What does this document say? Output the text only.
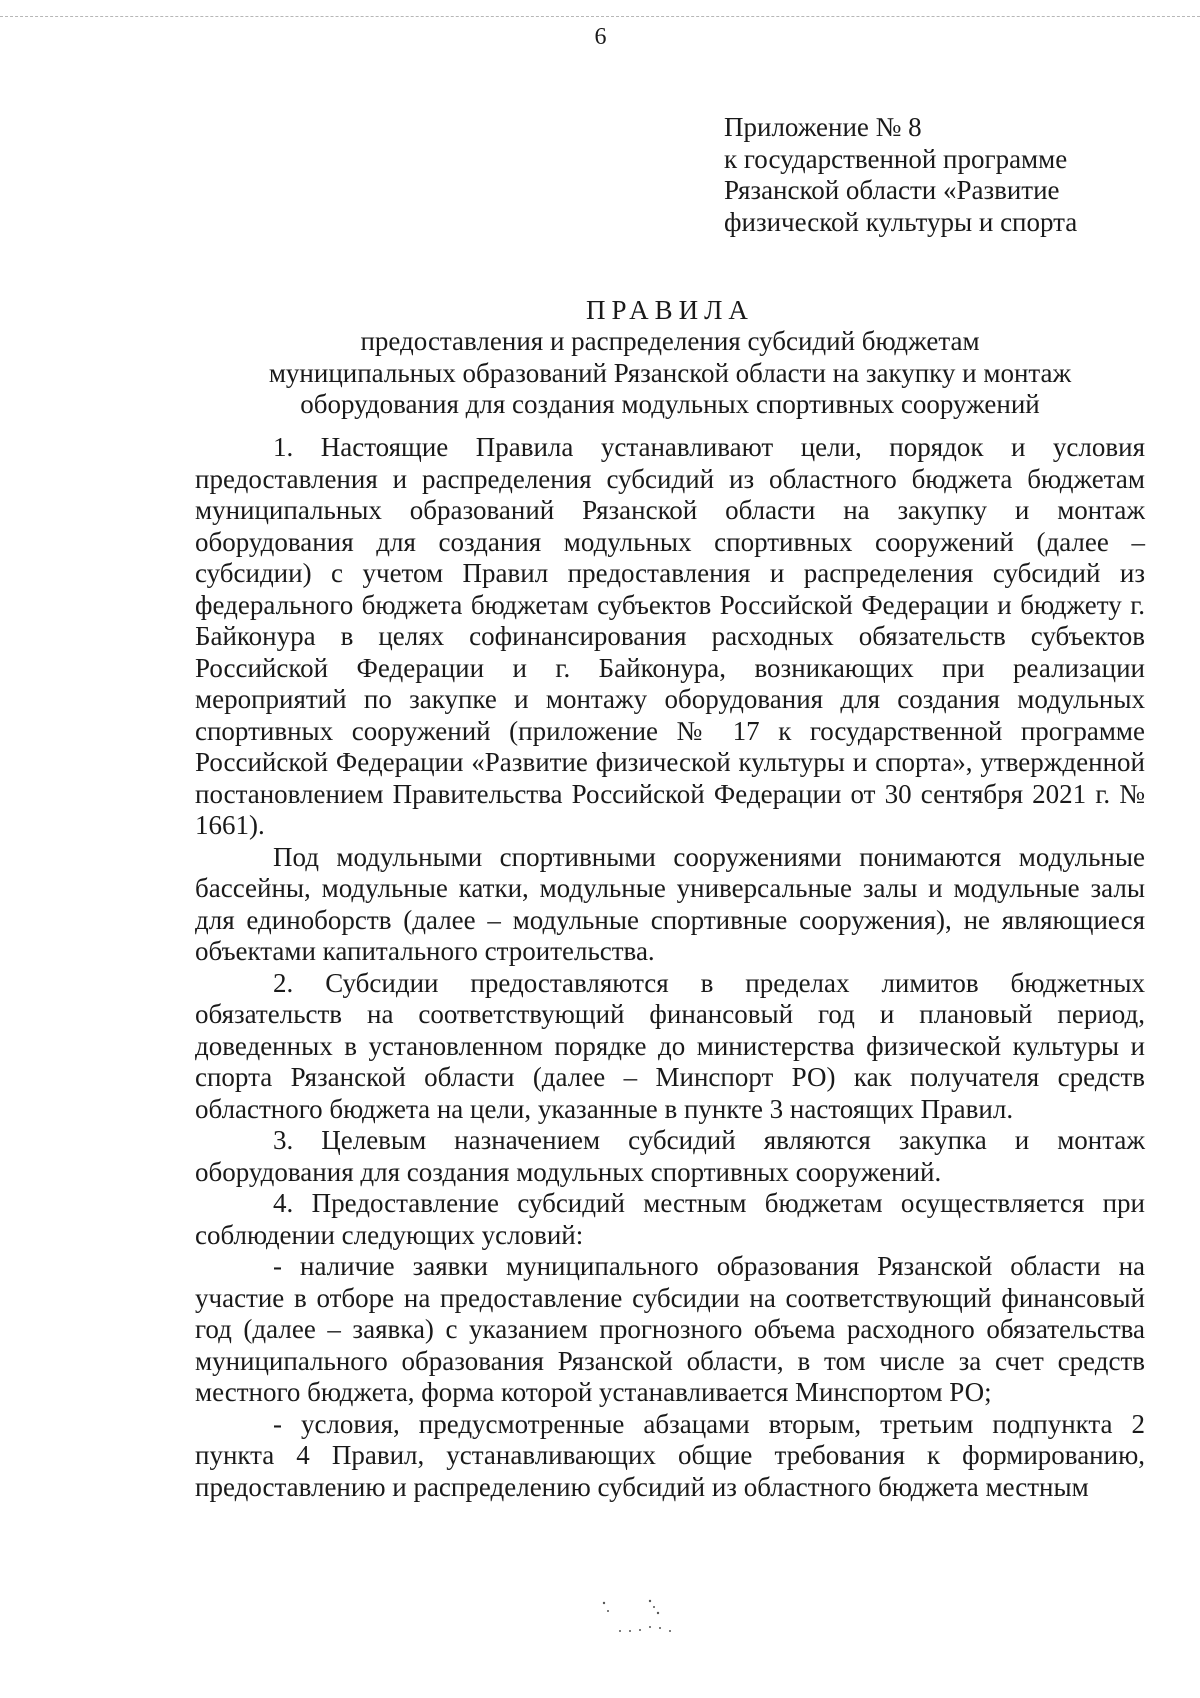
6
Приложение № 8
к государственной программе
Рязанской области «Развитие
физической культуры и спорта
ПРАВИЛА
предоставления и распределения субсидий бюджетам
муниципальных образований Рязанской области на закупку и монтаж
оборудования для создания модульных спортивных сооружений

1. Настоящие Правила устанавливают цели, порядок и условия предоставления и распределения субсидий из областного бюджета бюджетам муниципальных образований Рязанской области на закупку и монтаж оборудования для создания модульных спортивных сооружений (далее – субсидии) с учетом Правил предоставления и распределения субсидий из федерального бюджета бюджетам субъектов Российской Федерации и бюджету г. Байконура в целях софинансирования расходных обязательств субъектов Российской Федерации и г. Байконура, возникающих при реализации мероприятий по закупке и монтажу оборудования для создания модульных спортивных сооружений (приложение № 17 к государственной программе Российской Федерации «Развитие физической культуры и спорта», утвержденной постановлением Правительства Российской Федерации от 30 сентября 2021 г. № 1661).

Под модульными спортивными сооружениями понимаются модульные бассейны, модульные катки, модульные универсальные залы и модульные залы для единоборств (далее – модульные спортивные сооружения), не являющиеся объектами капитального строительства.

2. Субсидии предоставляются в пределах лимитов бюджетных обязательств на соответствующий финансовый год и плановый период, доведенных в установленном порядке до министерства физической культуры и спорта Рязанской области (далее – Минспорт РО) как получателя средств областного бюджета на цели, указанные в пункте 3 настоящих Правил.

3. Целевым назначением субсидий являются закупка и монтаж оборудования для создания модульных спортивных сооружений.

4. Предоставление субсидий местным бюджетам осуществляется при соблюдении следующих условий:

- наличие заявки муниципального образования Рязанской области на участие в отборе на предоставление субсидии на соответствующий финансовый год (далее – заявка) с указанием прогнозного объема расходного обязательства муниципального образования Рязанской области, в том числе за счет средств местного бюджета, форма которой устанавливается Минспортом РО;

- условия, предусмотренные абзацами вторым, третьим подпункта 2 пункта 4 Правил, устанавливающих общие требования к формированию, предоставлению и распределению субсидий из областного бюджета местным
